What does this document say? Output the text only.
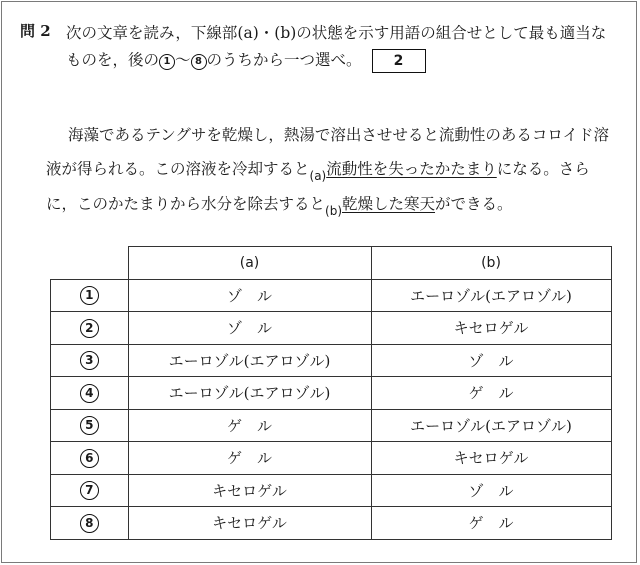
問 2 次の文章を読み，下線部(a)・(b)の状態を示す用語の組合せとして最も適当な
ものを，後の 1 ～ 8 のうちから一つ選べ。 2
海藻であるテングサを乾燥し，熱湯で溶出させせると流動性のあるコロイド溶液が得られる。この溶液を冷却すると$_{(a)}$流動性を失ったかたまりになる。さらに，このかたまりから水分を除去すると$_{(b)}$乾燥した寒天ができる。
	(a)	(b)
1	ゾ　ル	エーロゾル(エアロゾル)
2	ゾ　ル	キセロゲル
3	エーロゾル(エアロゾル)	ゾ　ル
4	エーロゾル(エアロゾル)	ゲ　ル
5	ゲ　ル	エーロゾル(エアロゾル)
6	ゲ　ル	キセロゲル
7	キセロゲル	ゾ　ル
8	キセロゲル	ゲ　ル
